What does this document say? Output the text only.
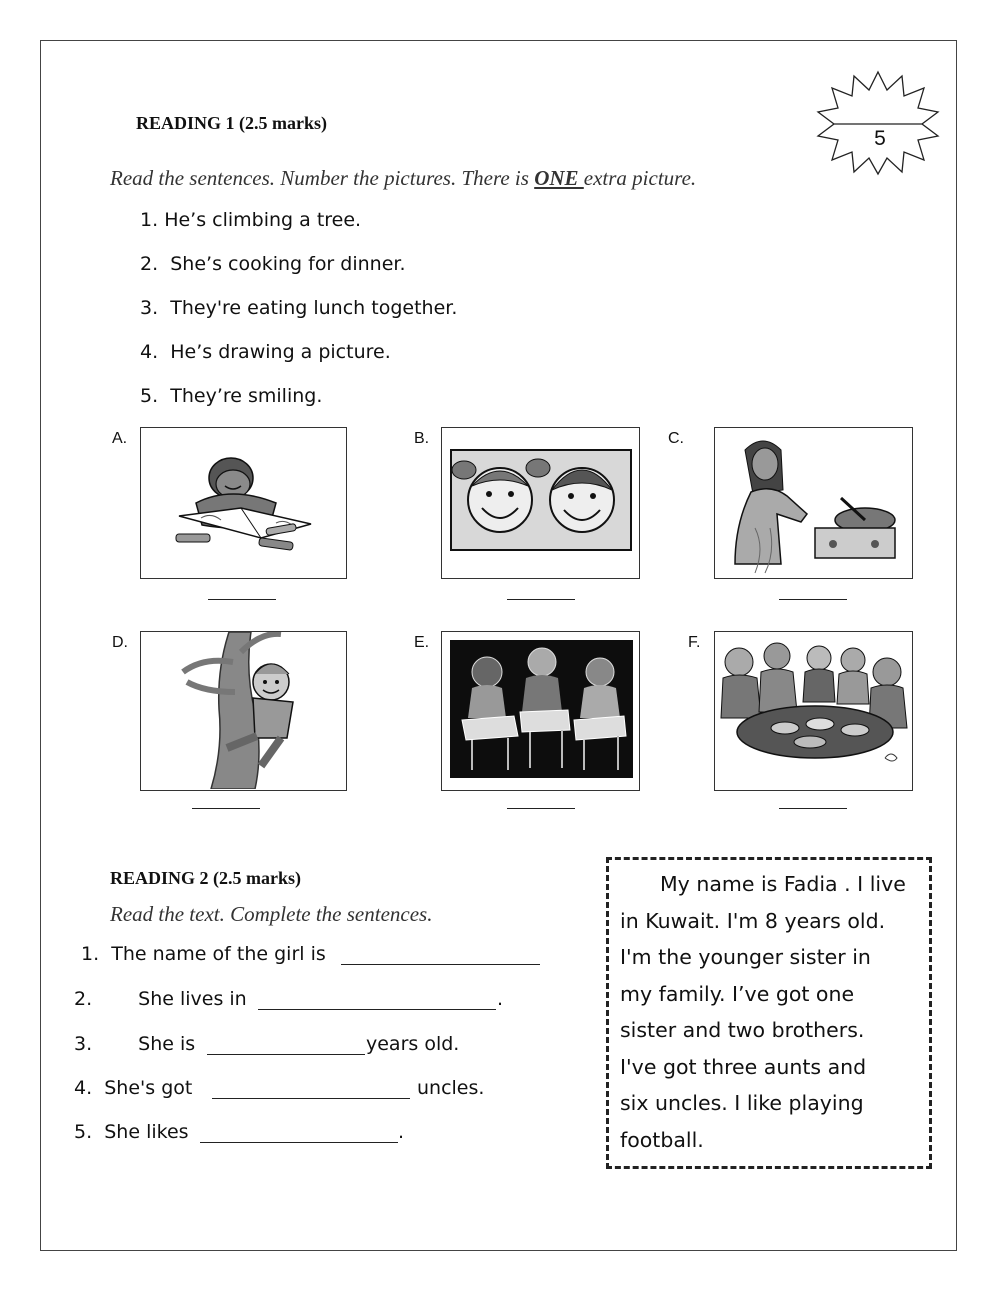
5
READING 1 (2.5 marks)
Read the sentences. Number the pictures. There is ONE extra picture.
1. He’s climbing a tree.
2. She’s cooking for dinner.
3. They're eating lunch together.
4. He’s drawing a picture.
5. They’re smiling.
A.	B.	C.
D.	E.	F.
READING 2 (2.5 marks)
Read the text. Complete the sentences.
1. The name of the girl is
2. She lives in	.
3. She is	years old.
4. She's got	uncles.
5. She likes	.
My name is Fadia . I live
in Kuwait. I'm 8 years old.
I'm the younger sister in
my family. I’ve got one
sister and two brothers.
I've got three aunts and
six uncles. I like playing
football.
